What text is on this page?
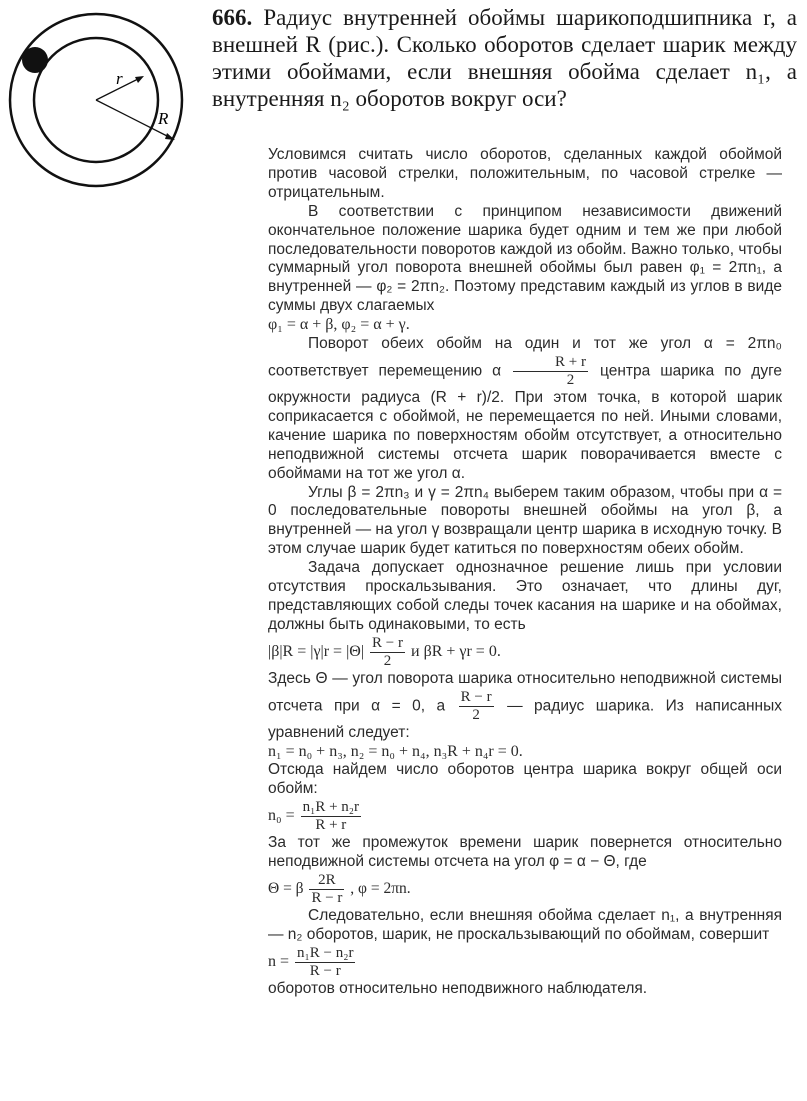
r
R
666. Радиус внутренней обоймы шарикоподшипника r, а внешней R (рис.). Сколько оборотов сделает шарик между этими обоймами, если внешняя обойма сделает n₁, а внутренняя n₂ оборотов вокруг оси?

Условимся считать число оборотов, сделанных каждой обоймой против часовой стрелки, положительным, по часовой стрелке — отрицательным.

В соответствии с принципом независимости движений окончательное положение шарика будет одним и тем же при любой последовательности поворотов каждой из обойм. Важно только, чтобы суммарный угол поворота внешней обоймы был равен φ₁ = 2πn₁, а внутренней — φ₂ = 2πn₂. Поэтому представим каждый из углов в виде суммы двух слагаемых

φ₁ = α + β, φ₂ = α + γ.

Поворот обеих обойм на один и тот же угол α = 2πn₀ соответствует перемещению α $\frac{R + r}{2}$ центра шарика по дуге окружности радиуса (R + r)/2. При этом точка, в которой шарик соприкасается с обоймой, не перемещается по ней. Иными словами, качение шарика по поверхностям обойм отсутствует, а относительно неподвижной системы отсчета шарик поворачивается вместе с обоймами на тот же угол α.

Углы β = 2πn₃ и γ = 2πn₄ выберем таким образом, чтобы при α = 0 последовательные повороты внешней обоймы на угол β, а внутренней — на угол γ возвращали центр шарика в исходную точку. В этом случае шарик будет катиться по поверхностям обеих обойм.

Задача допускает однозначное решение лишь при условии отсутствия проскальзывания. Это означает, что длины дуг, представляющих собой следы точек касания на шарике и на обоймах, должны быть одинаковыми, то есть

$|\beta|R = |\gamma|r = |\Theta| \frac{R - r}{2}$ и βR + γr = 0.

Здесь Θ — угол поворота шарика относительно неподвижной системы отсчета при α = 0, а $\frac{R - r}{2}$ — радиус шарика. Из написанных уравнений следует:

n₁ = n₀ + n₃, n₂ = n₀ + n₄, n₃R + n₄r = 0.

Отсюда найдем число оборотов центра шарика вокруг общей оси обойм:

$n_0 = \frac{\text{n₁R + n₂r}}{R + r}$

За тот же промежуток времени шарик повернется относительно неподвижной системы отсчета на угол φ = α − Θ, где

Θ = β $\frac{2R}{R - r}$ , φ = 2πn.

Следовательно, если внешняя обойма сделает n₁, а внутренняя — n₂ оборотов, шарик, не проскальзывающий по обоймам, совершит

$n = \frac{\text{n₁R − n₂r}}{R - r}$

оборотов относительно неподвижного наблюдателя.
